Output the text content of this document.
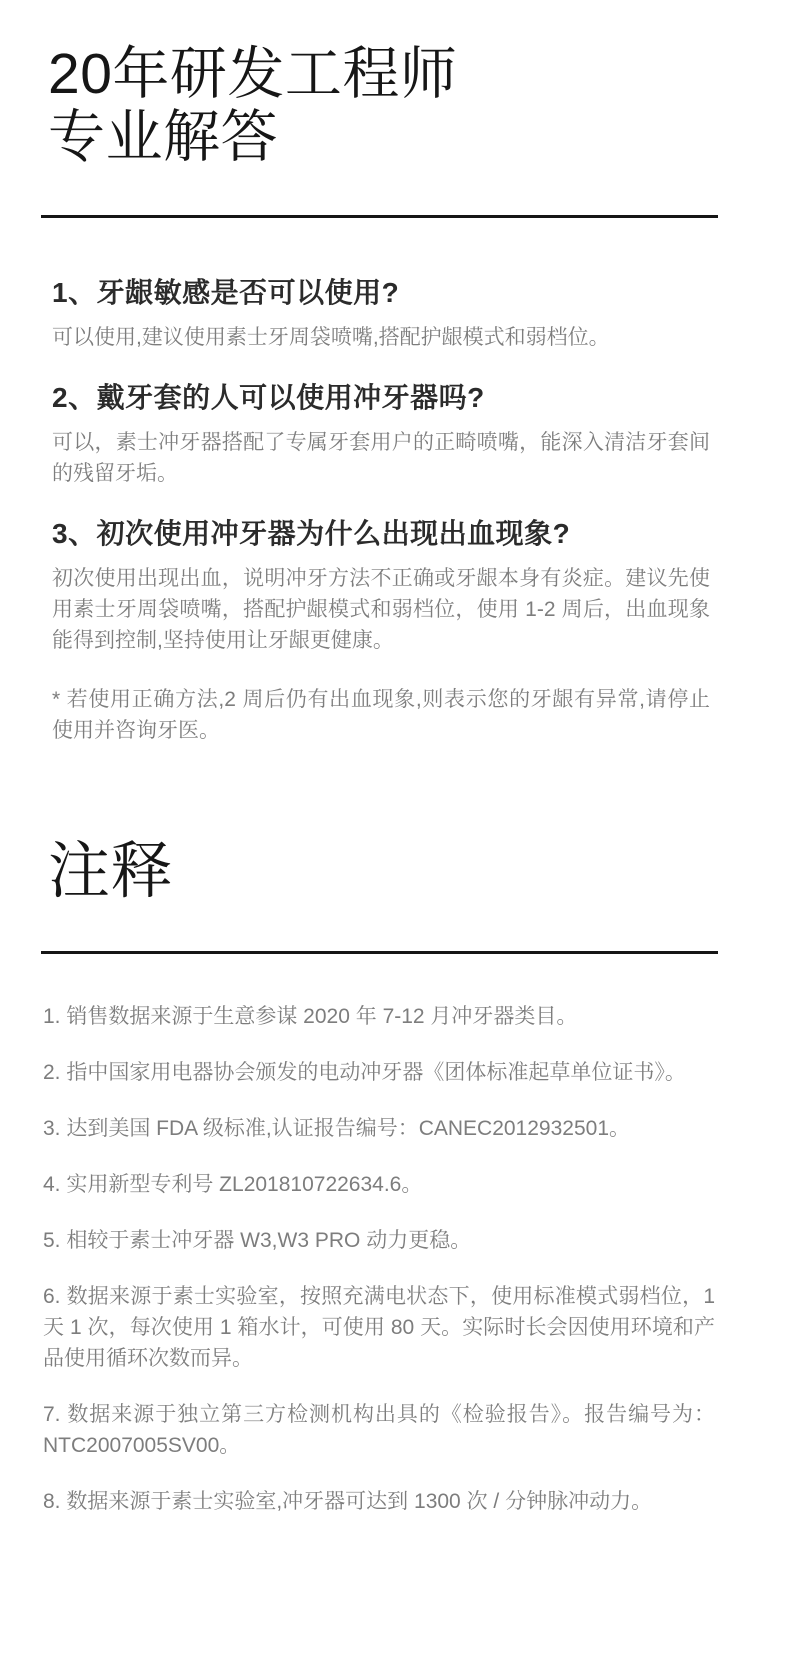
20年研发工程师
专业解答
1、牙龈敏感是否可以使用?

可以使用,建议使用素士牙周袋喷嘴,搭配护龈模式和弱档位。

2、戴牙套的人可以使用冲牙器吗?

可以，素士冲牙器搭配了专属牙套用户的正畸喷嘴，能深入清洁牙套间的残留牙垢。

3、初次使用冲牙器为什么出现出血现象?

初次使用出现出血，说明冲牙方法不正确或牙龈本身有炎症。建议先使用素士牙周袋喷嘴，搭配护龈模式和弱档位，使用 1-2 周后，出血现象能得到控制,坚持使用让牙龈更健康。

* 若使用正确方法,2 周后仍有出血现象,则表示您的牙龈有异常,请停止使用并咨询牙医。

注释

1. 销售数据来源于生意参谋 2020 年 7-12 月冲牙器类目。

2. 指中国家用电器协会颁发的电动冲牙器《团体标准起草单位证书》。

3. 达到美国 FDA 级标准,认证报告编号：CANEC2012932501。

4. 实用新型专利号 ZL201810722634.6。

5. 相较于素士冲牙器 W3,W3 PRO 动力更稳。

6. 数据来源于素士实验室，按照充满电状态下，使用标准模式弱档位，1 天 1 次，每次使用 1 箱水计，可使用 80 天。实际时长会因使用环境和产品使用循环次数而异。

7. 数据来源于独立第三方检测机构出具的《检验报告》。报告编号为：NTC2007005SV00。

8. 数据来源于素士实验室,冲牙器可达到 1300 次 / 分钟脉冲动力。
